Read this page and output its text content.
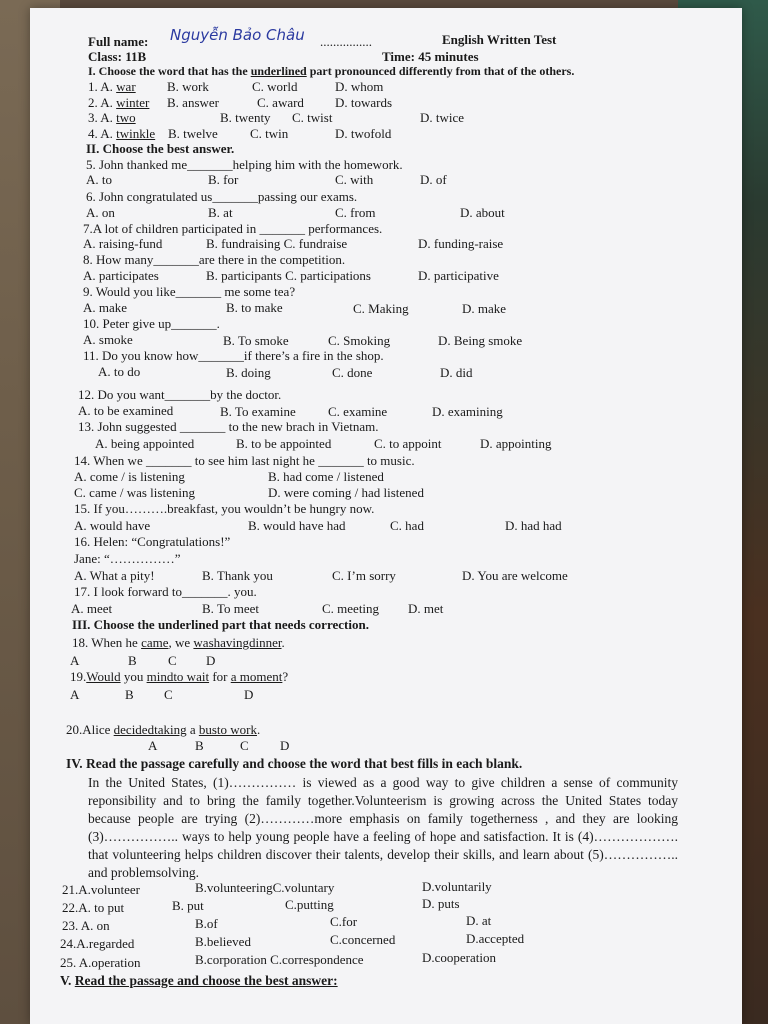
Full name: Nguyễn Bảo Châu ................	English Written Test
Class: 11B	Time: 45 minutes
I. Choose the word that has the underlined part pronounced differently from that of the others.
1. A. war B. work	C. world	D. whom
2. A. winter B. answer	C. award D. towards
3. A. two	B. twenty C. twist	D. twice
4. A. twinkle B. twelve C. twin	D. twofold
II. Choose the best answer.
5. John thanked me_______helping him with the homework.
A. to	B. for	C. with	D. of
6. John congratulated us_______passing our exams.
A. on	B. at	C. from	D. about
7.A lot of children participated in _______ performances.
A. raising-fund	B. fundraising C. fundraise	D. funding-raise
8. How many_______are there in the competition.
A. participates	B. participants C. participations	D. participative
9. Would you like_______ me some tea?
A. make	B. to make	C. Making	D. make
10. Peter give up_______.
A. smoke	B. To smoke	C. Smoking	D. Being smoke
11. Do you know how_______if there’s a fire in the shop.
A. to do	B. doing	C. done	D. did
12. Do you want_______by the doctor.
A. to be examined	B. To examine C. examine	D. examining
13. John suggested _______ to the new brach in Vietnam.
A. being appointed	B. to be appointed	C. to appoint	D. appointing
14. When we _______ to see him last night he _______ to music.
A. come / is listening	B. had come / listened
C. came / was listening	D. were coming / had listened
15. If you……….breakfast, you wouldn’t be hungry now.
A. would have	B. would have had	C. had	D. had had
16. Helen: “Congratulations!”
Jane: “……………”
A. What a pity!	B. Thank you	C. I’m sorry	D. You are welcome
17. I look forward to_______. you.
A. meet	B. To meet	C. meeting D. met
III. Choose the underlined part that needs correction.
18. When he came, we washavingdinner.
A	B C D
19.Would you mindto wait for a moment?
A	B C	D
20.Alice decidedtaking a busto work.
A	B	C D
IV. Read the passage carefully and choose the word that best fills in each blank.
In the United States, (1)…………… is viewed as a good way to give children a sense of community reponsibility and to bring the family together.Volunteerism is growing across the United States today because people are trying (2)…………more emphasis on family togetherness , and they are looking (3)…………….. ways to help young people have a feeling of hope and satisfaction. It is (4)………………. that volunteering helps children discover their talents, develop their skills, and learn about (5)…………….. and problemsolving.
21.A.volunteer	B.volunteeringC.voluntary	D.voluntarily
22.A. to put	B. put	C.putting	D. puts
23. A. on	B.of	C.for	D. at
24.A.regarded	B.believed	C.concerned	D.accepted
25. A.operation	B.corporation C.correspondence	D.cooperation
V. Read the passage and choose the best answer:
